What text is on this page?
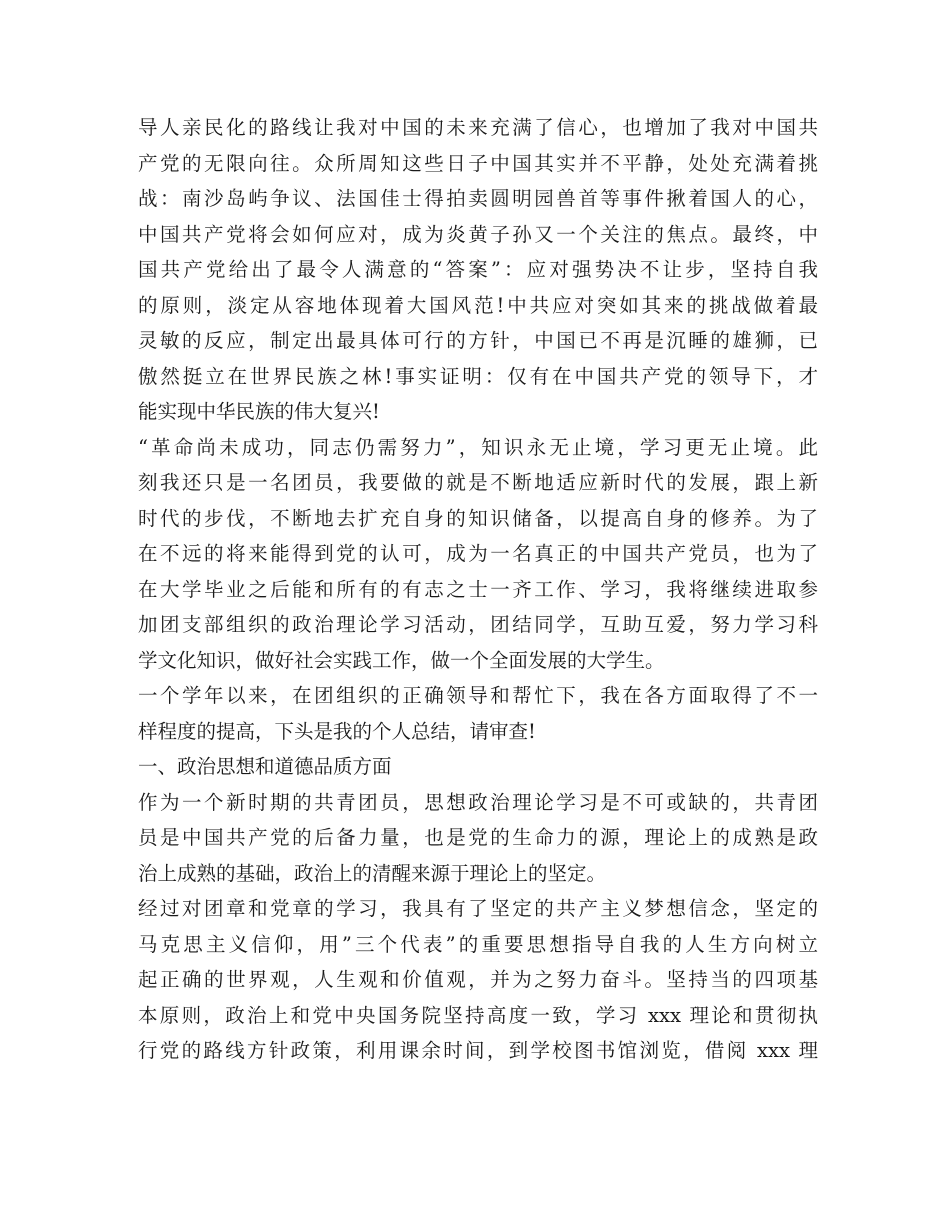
导人亲民化的路线让我对中国的未来充满了信心，也增加了我对中国共
产党的无限向往。众所周知这些日子中国其实并不平静，处处充满着挑
战：南沙岛屿争议、法国佳士得拍卖圆明园兽首等事件揪着国人的心，
中国共产党将会如何应对，成为炎黄子孙又一个关注的焦点。最终，中
国共产党给出了最令人满意的“答案”：应对强势决不让步，坚持自我
的原则，淡定从容地体现着大国风范!中共应对突如其来的挑战做着最
灵敏的反应，制定出最具体可行的方针，中国已不再是沉睡的雄狮，已
傲然挺立在世界民族之林!事实证明：仅有在中国共产党的领导下，才
能实现中华民族的伟大复兴!
“革命尚未成功，同志仍需努力”，知识永无止境，学习更无止境。此
刻我还只是一名团员，我要做的就是不断地适应新时代的发展，跟上新
时代的步伐，不断地去扩充自身的知识储备，以提高自身的修养。为了
在不远的将来能得到党的认可，成为一名真正的中国共产党员，也为了
在大学毕业之后能和所有的有志之士一齐工作、学习，我将继续进取参
加团支部组织的政治理论学习活动，团结同学，互助互爱，努力学习科
学文化知识，做好社会实践工作，做一个全面发展的大学生。
一个学年以来，在团组织的正确领导和帮忙下，我在各方面取得了不一
样程度的提高，下头是我的个人总结，请审查!
一、政治思想和道德品质方面
作为一个新时期的共青团员，思想政治理论学习是不可或缺的，共青团
员是中国共产党的后备力量，也是党的生命力的源，理论上的成熟是政
治上成熟的基础，政治上的清醒来源于理论上的坚定。
经过对团章和党章的学习，我具有了坚定的共产主义梦想信念，坚定的
马克思主义信仰，用”三个代表”的重要思想指导自我的人生方向树立
起正确的世界观，人生观和价值观，并为之努力奋斗。坚持当的四项基
本原则，政治上和党中央国务院坚持高度一致，学习 xxx 理论和贯彻执
行党的路线方针政策，利用课余时间，到学校图书馆浏览，借阅 xxx 理
